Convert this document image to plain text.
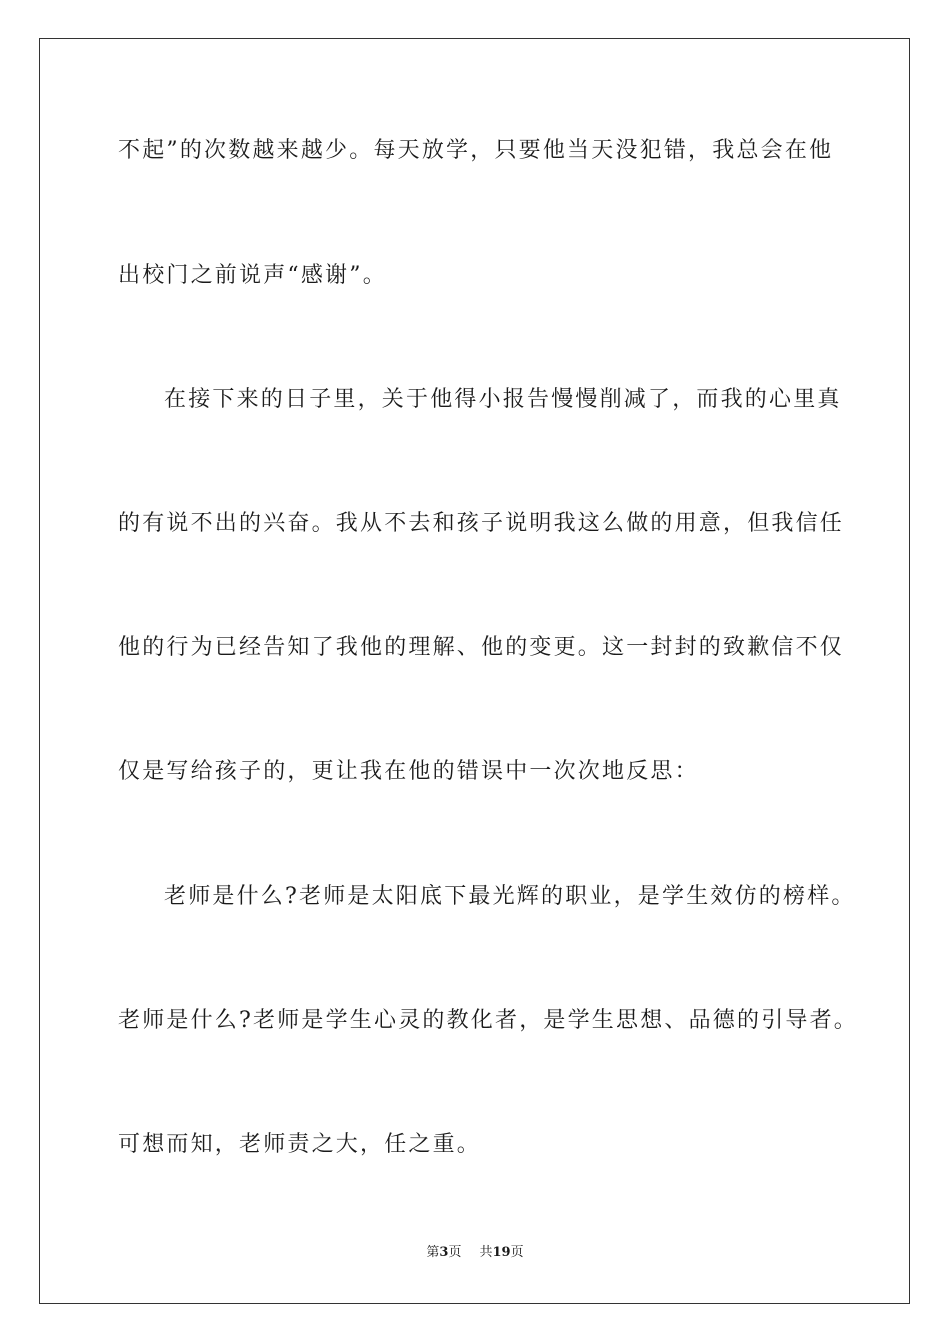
不起”的次数越来越少。每天放学，只要他当天没犯错，我总会在他
出校门之前说声“感谢”。
在接下来的日子里，关于他得小报告慢慢削减了，而我的心里真
的有说不出的兴奋。我从不去和孩子说明我这么做的用意，但我信任
他的行为已经告知了我他的理解、他的变更。这一封封的致歉信不仅
仅是写给孩子的，更让我在他的错误中一次次地反思：
老师是什么?老师是太阳底下最光辉的职业，是学生效仿的榜样。
老师是什么?老师是学生心灵的教化者，是学生思想、品德的引导者。
可想而知，老师责之大，任之重。
第3页 共19页
